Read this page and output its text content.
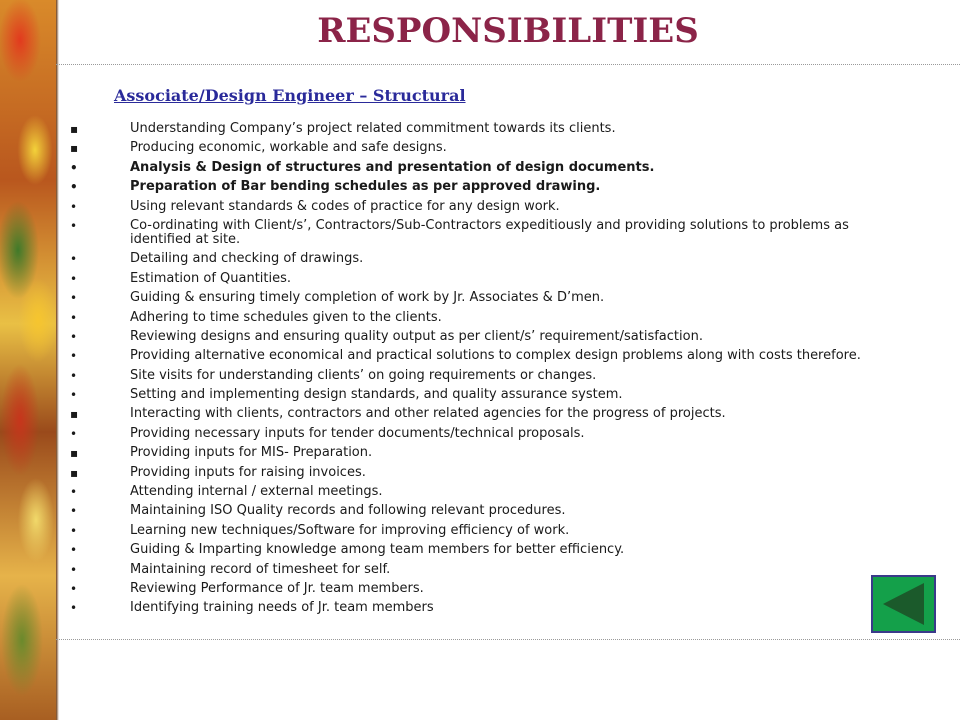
RESPONSIBILITIES
Associate/Design Engineer – Structural
▪	Understanding Company’s project related commitment towards its clients.
▪	Producing economic, workable and safe designs.
•	Analysis & Design of structures and presentation of design documents.
•	Preparation of Bar bending schedules as per approved drawing.
•	Using relevant standards & codes of practice for any design work.
•	Co-ordinating with Client/s’, Contractors/Sub-Contractors expeditiously and providing solutions to problems as identified at site.
•	Detailing and checking of drawings.
•	Estimation of Quantities.
•	Guiding & ensuring timely completion of work by Jr. Associates & D’men.
•	Adhering to time schedules given to the clients.
•	Reviewing designs and ensuring quality output as per client/s’ requirement/satisfaction.
•	Providing alternative economical and practical solutions to complex design problems along with costs therefore.
•	Site visits for understanding clients’ on going requirements or changes.
•	Setting and implementing design standards, and quality assurance system.
▪	Interacting with clients, contractors and other related agencies for the progress of projects.
•	Providing necessary inputs for tender documents/technical proposals.
▪	Providing inputs for MIS- Preparation.
▪	Providing inputs for raising invoices.
•	Attending internal / external meetings.
•	Maintaining ISO Quality records and following relevant procedures.
•	Learning new techniques/Software for improving efficiency of work.
•	Guiding & Imparting knowledge among team members for better efficiency.
•	Maintaining record of timesheet for self.
•	Reviewing Performance of Jr. team members.
•	Identifying training needs of Jr. team members
